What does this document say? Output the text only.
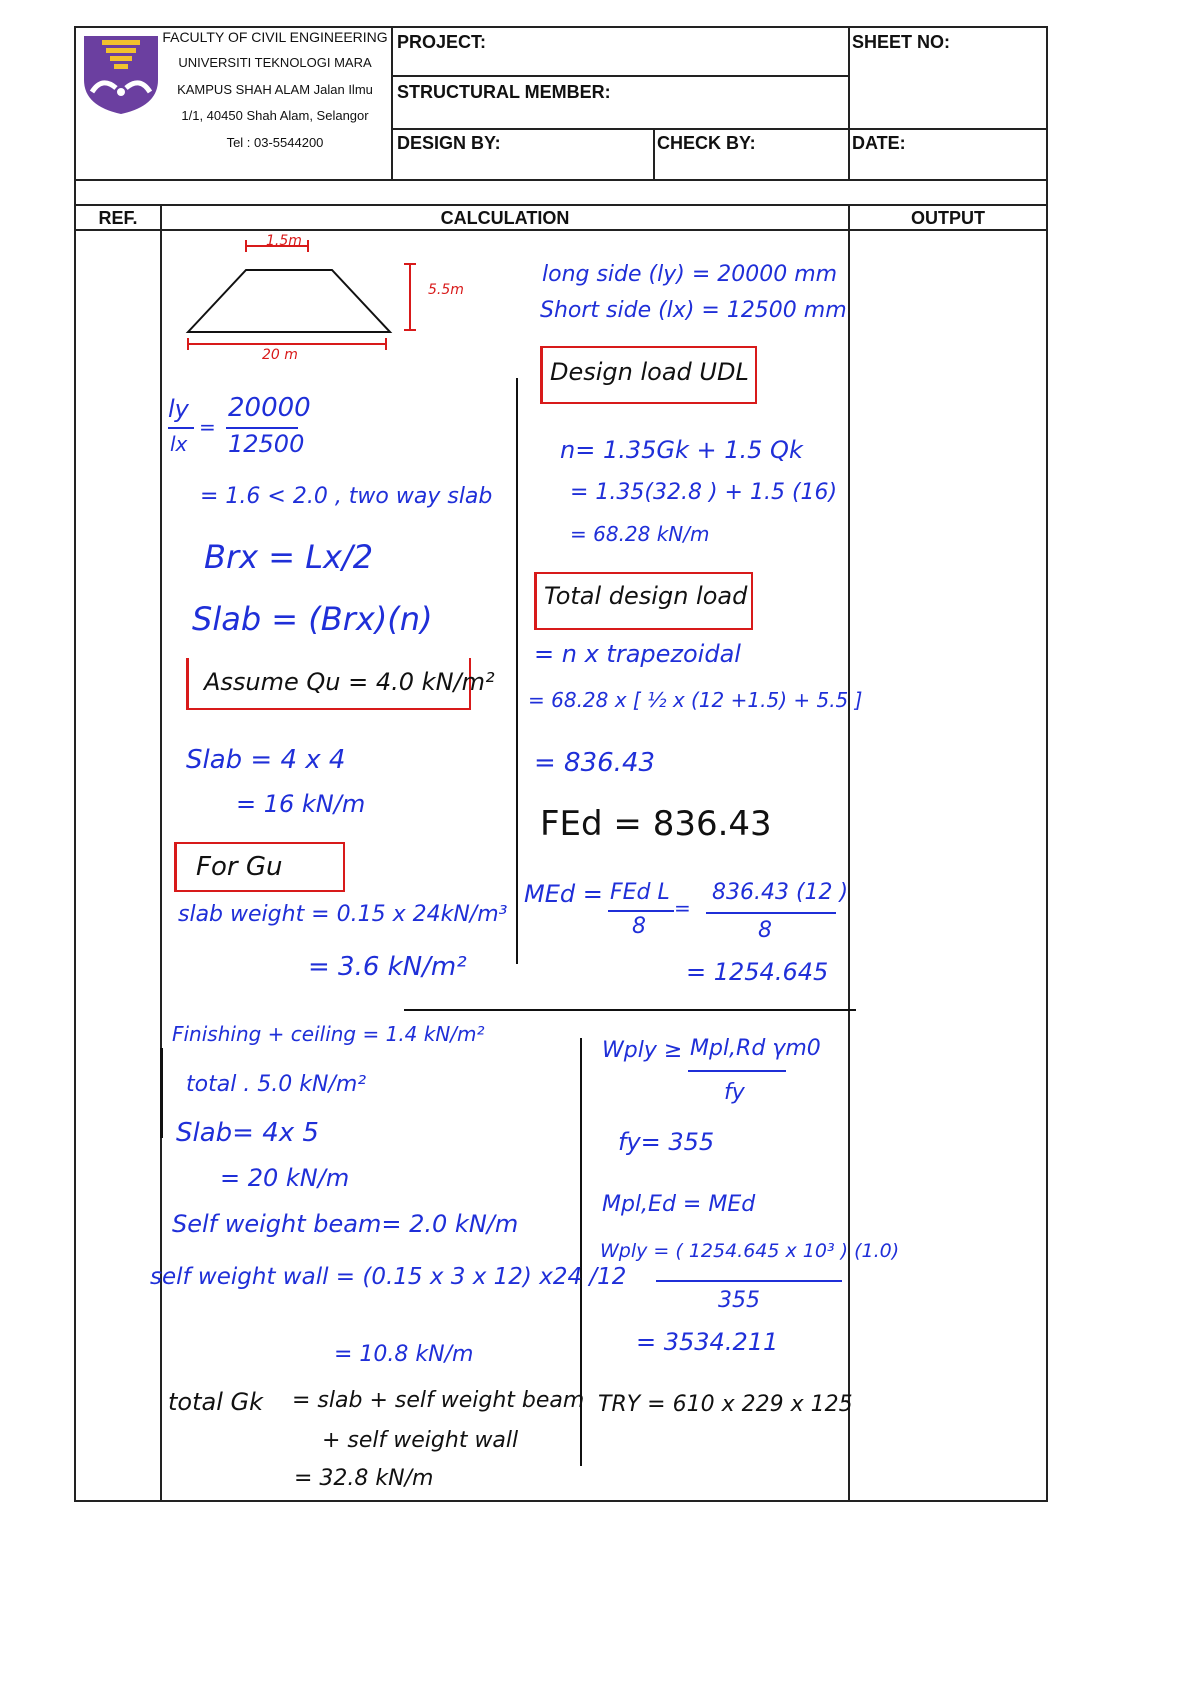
FACULTY OF CIVIL ENGINEERING
UNIVERSITI TEKNOLOGI MARA
KAMPUS SHAH ALAM Jalan Ilmu
1/1, 40450 Shah Alam, Selangor
Tel : 03-5544200
PROJECT:	SHEET NO:
STRUCTURAL MEMBER:
DESIGN BY:	CHECK BY:	DATE:
REF.	CALCULATION	OUTPUT
1.5m
5.5m
20 m
ly
lx
=
20000
12500
= 1.6 < 2.0 , two way slab
Brx = Lx/2
Slab = (Brx)(n)
Assume Qu = 4.0 kN/m²
Slab = 4 x 4
= 16 kN/m
For Gu
slab weight = 0.15 x 24kN/m³
= 3.6 kN/m²
Finishing + ceiling = 1.4 kN/m²
total . 5.0 kN/m²
Slab= 4x 5
= 20 kN/m
Self weight beam= 2.0 kN/m
self weight wall = (0.15 x 3 x 12) x24 /12
= 10.8 kN/m
total Gk = slab + self weight beam
+ self weight wall
= 32.8 kN/m
long side (ly) = 20000 mm
Short side (lx) = 12500 mm
Design load UDL
n= 1.35Gk + 1.5 Qk
= 1.35(32.8 ) + 1.5 (16)
= 68.28 kN/m
Total design load
= n x trapezoidal
= 68.28 x [ ½ x (12 +1.5) + 5.5 ]
= 836.43
FEd = 836.43
MEd = FEd L
8
=
836.43 (12 )
8
= 1254.645
Wply ≥ Mpl,Rd γm0
fy
fy= 355
Mpl,Ed = MEd
Wply = ( 1254.645 x 10³ ) (1.0)
355
= 3534.211
TRY = 610 x 229 x 125
